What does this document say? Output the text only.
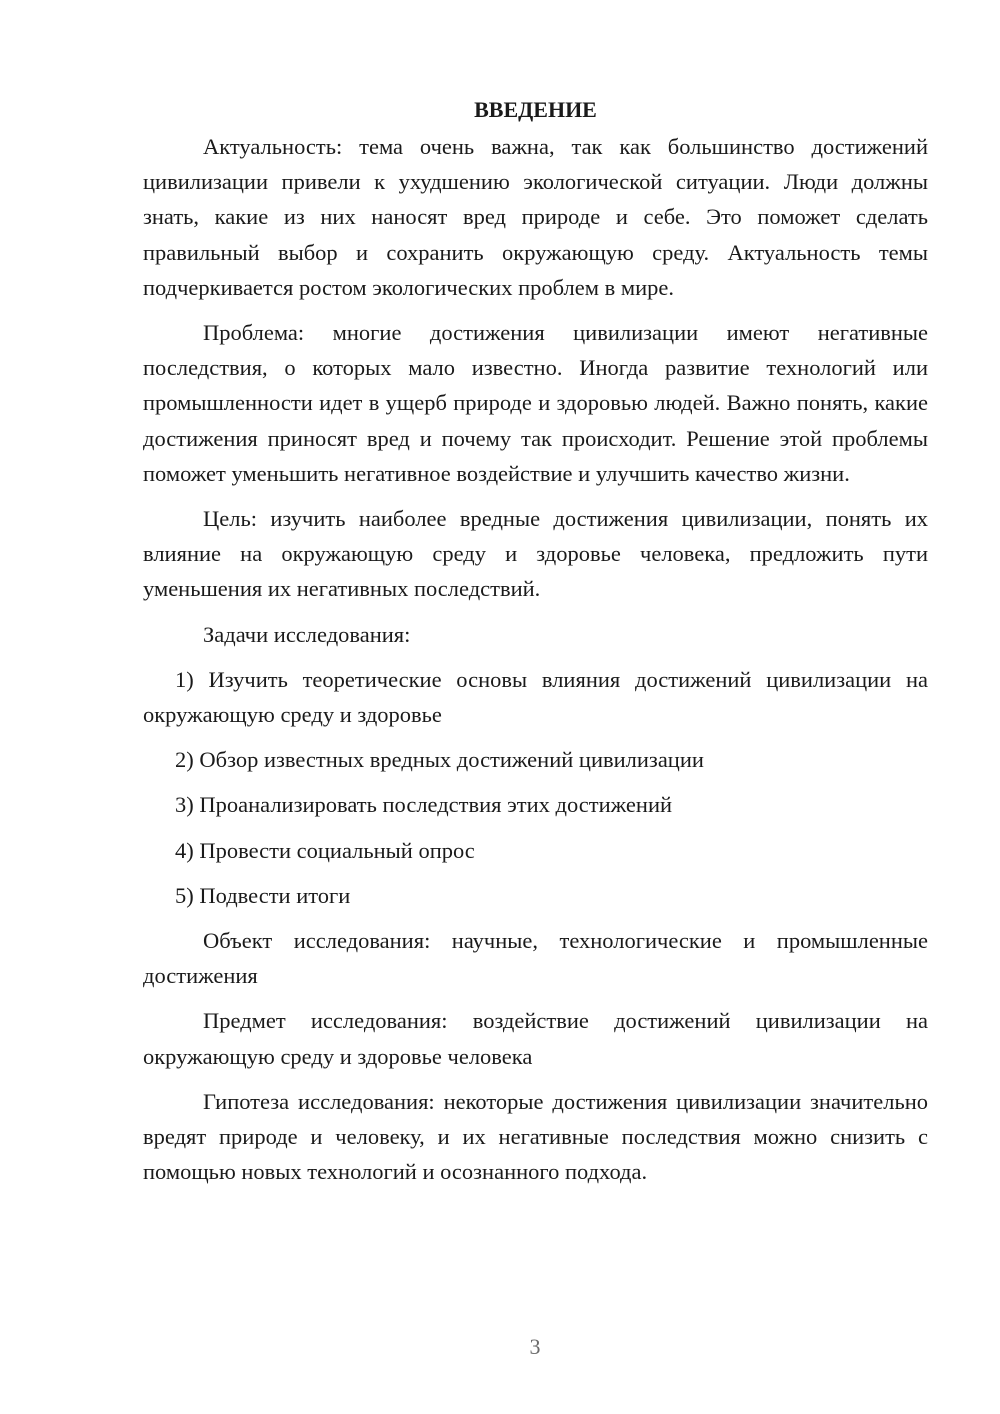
ВВЕДЕНИЕ

Актуальность: тема очень важна, так как большинство достижений цивилизации привели к ухудшению экологической ситуации. Люди должны знать, какие из них наносят вред природе и себе. Это поможет сделать правильный выбор и сохранить окружающую среду. Актуальность темы подчеркивается ростом экологических проблем в мире.

Проблема: многие достижения цивилизации имеют негативные последствия, о которых мало известно. Иногда развитие технологий или промышленности идет в ущерб природе и здоровью людей. Важно понять, какие достижения приносят вред и почему так происходит. Решение этой проблемы поможет уменьшить негативное воздействие и улучшить качество жизни.

Цель: изучить наиболее вредные достижения цивилизации, понять их влияние на окружающую среду и здоровье человека, предложить пути уменьшения их негативных последствий.

Задачи исследования:

1) Изучить теоретические основы влияния достижений цивилизации на окружающую среду и здоровье

2) Обзор известных вредных достижений цивилизации

3) Проанализировать последствия этих достижений

4) Провести социальный опрос

5) Подвести итоги

Объект исследования: научные, технологические и промышленные достижения

Предмет исследования: воздействие достижений цивилизации на окружающую среду и здоровье человека

Гипотеза исследования: некоторые достижения цивилизации значительно вредят природе и человеку, и их негативные последствия можно снизить с помощью новых технологий и осознанного подхода.

3
